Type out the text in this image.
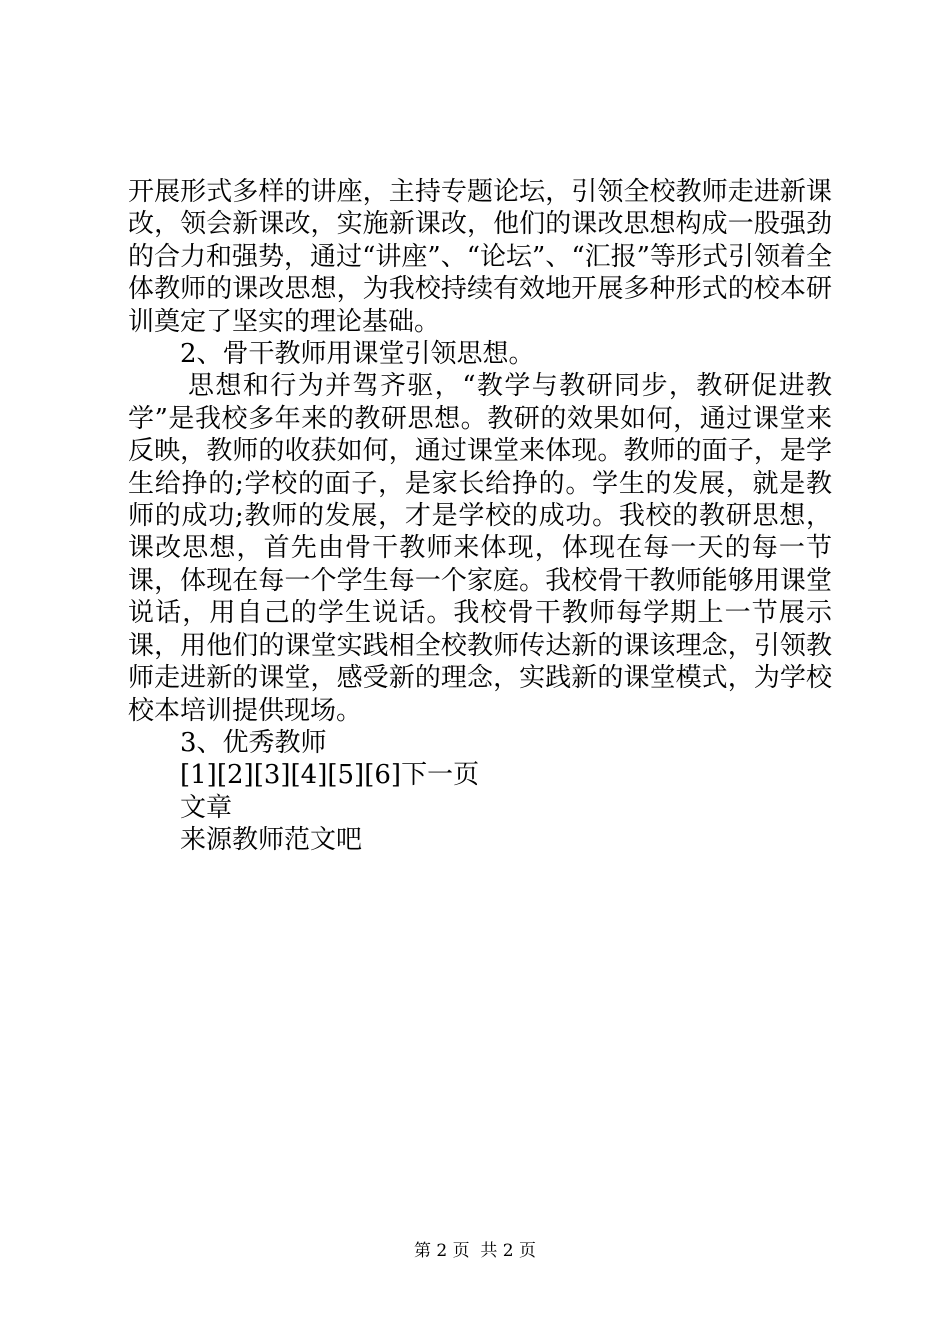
开展形式多样的讲座，主持专题论坛，引领全校教师走进新课改，领会新课改，实施新课改，他们的课改思想构成一股强劲的合力和强势，通过“讲座”、“论坛”、“汇报”等形式引领着全体教师的课改思想，为我校持续有效地开展多种形式的校本研训奠定了坚实的理论基础。

2、骨干教师用课堂引领思想。

思想和行为并驾齐驱，“教学与教研同步，教研促进教学”是我校多年来的教研思想。教研的效果如何，通过课堂来反映，教师的收获如何，通过课堂来体现。教师的面子，是学生给挣的;学校的面子，是家长给挣的。学生的发展，就是教师的成功;教师的发展，才是学校的成功。我校的教研思想，课改思想，首先由骨干教师来体现，体现在每一天的每一节课，体现在每一个学生每一个家庭。我校骨干教师能够用课堂说话，用自己的学生说话。我校骨干教师每学期上一节展示课，用他们的课堂实践相全校教师传达新的课该理念，引领教师走进新的课堂，感受新的理念，实践新的课堂模式，为学校校本培训提供现场。

3、优秀教师

[1][2][3][4][5][6]下一页

文章

来源教师范文吧

第 2 页  共 2 页
